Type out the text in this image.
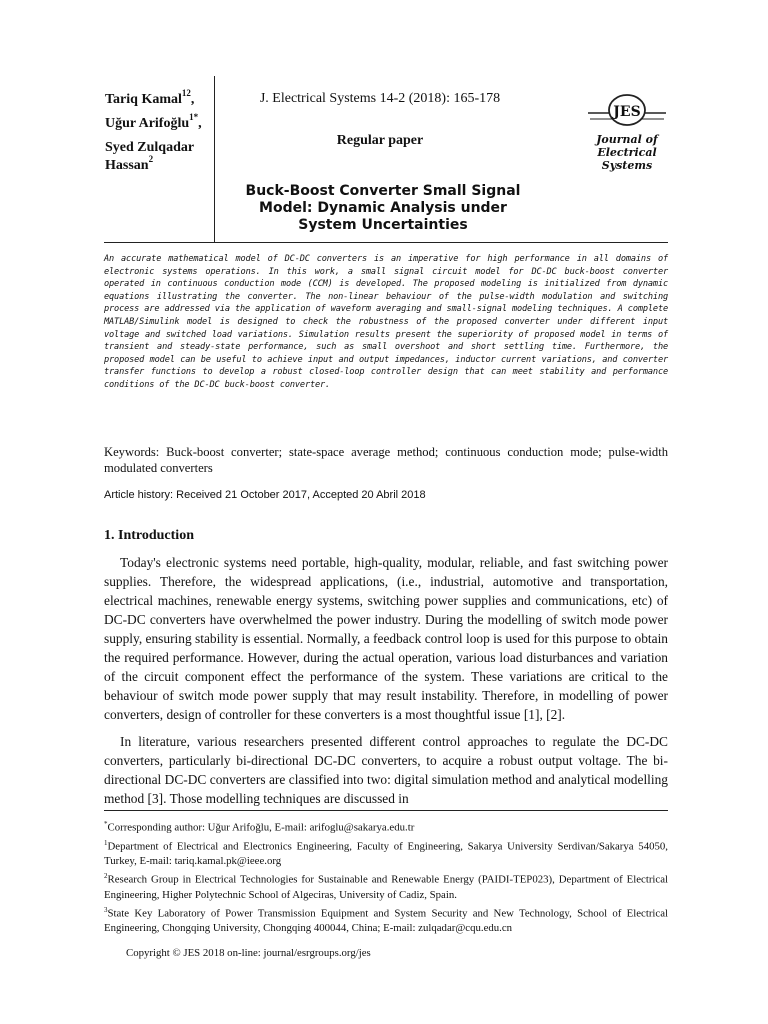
Tariq Kamal$^{12}$,
Uğur Arifoğlu$^{1*}$,
Syed Zulqadar
Hassan$^2$
J. Electrical Systems 14-2 (2018): 165-178
Regular paper
JES
Journal of
Electrical
Systems
Buck-Boost Converter Small Signal
Model: Dynamic Analysis under
System Uncertainties
An accurate mathematical model of DC-DC converters is an imperative for high performance in all domains of electronic systems operations. In this work, a small signal circuit model for DC-DC buck-boost converter operated in continuous conduction mode (CCM) is developed. The proposed modeling is initialized from dynamic equations illustrating the converter. The non-linear behaviour of the pulse-width modulation and switching process are addressed via the application of waveform averaging and small-signal modeling techniques. A complete MATLAB/Simulink model is designed to check the robustness of the proposed converter under different input voltage and switched load variations. Simulation results present the superiority of proposed model in terms of transient and steady-state performance, such as small overshoot and short settling time. Furthermore, the proposed model can be useful to achieve input and output impedances, inductor current variations, and converter transfer functions to develop a robust closed-loop controller design that can meet stability and performance conditions of the DC-DC buck-boost converter.
Keywords: Buck-boost converter; state-space average method; continuous conduction mode; pulse-width modulated converters
Article history: Received 21 October 2017, Accepted 20 Abril 2018
1. Introduction
Today's electronic systems need portable, high-quality, modular, reliable, and fast switching power supplies. Therefore, the widespread applications, (i.e., industrial, automotive and transportation, electrical machines, renewable energy systems, switching power supplies and communications, etc) of DC-DC converters have overwhelmed the power industry. During the modelling of switch mode power supply, ensuring stability is essential. Normally, a feedback control loop is used for this purpose to obtain the required performance. However, during the actual operation, various load disturbances and variation of the circuit component effect the performance of the system. These variations are critical to the behaviour of switch mode power supply that may result instability. Therefore, in modelling of power converters, design of controller for these converters is a most thoughtful issue [1], [2].
In literature, various researchers presented different control approaches to regulate the DC-DC converters, particularly bi-directional DC-DC converters, to acquire a robust output voltage. The bi-directional DC-DC converters are classified into two: digital simulation method and analytical modelling method [3]. Those modelling techniques are discussed in

*Corresponding author: Uğur Arifoğlu, E-mail: arifoglu@sakarya.edu.tr

$^1$Department of Electrical and Electronics Engineering, Faculty of Engineering, Sakarya University Serdivan/Sakarya 54050, Turkey, E-mail: tariq.kamal.pk@ieee.org

$^2$Research Group in Electrical Technologies for Sustainable and Renewable Energy (PAIDI-TEP023), Department of Electrical Engineering, Higher Polytechnic School of Algeciras, University of Cadiz, Spain.

$^3$State Key Laboratory of Power Transmission Equipment and System Security and New Technology, School of Electrical Engineering, Chongqing University, Chongqing 400044, China; E-mail: zulqadar@cqu.edu.cn

Copyright © JES 2018 on-line: journal/esrgroups.org/jes
